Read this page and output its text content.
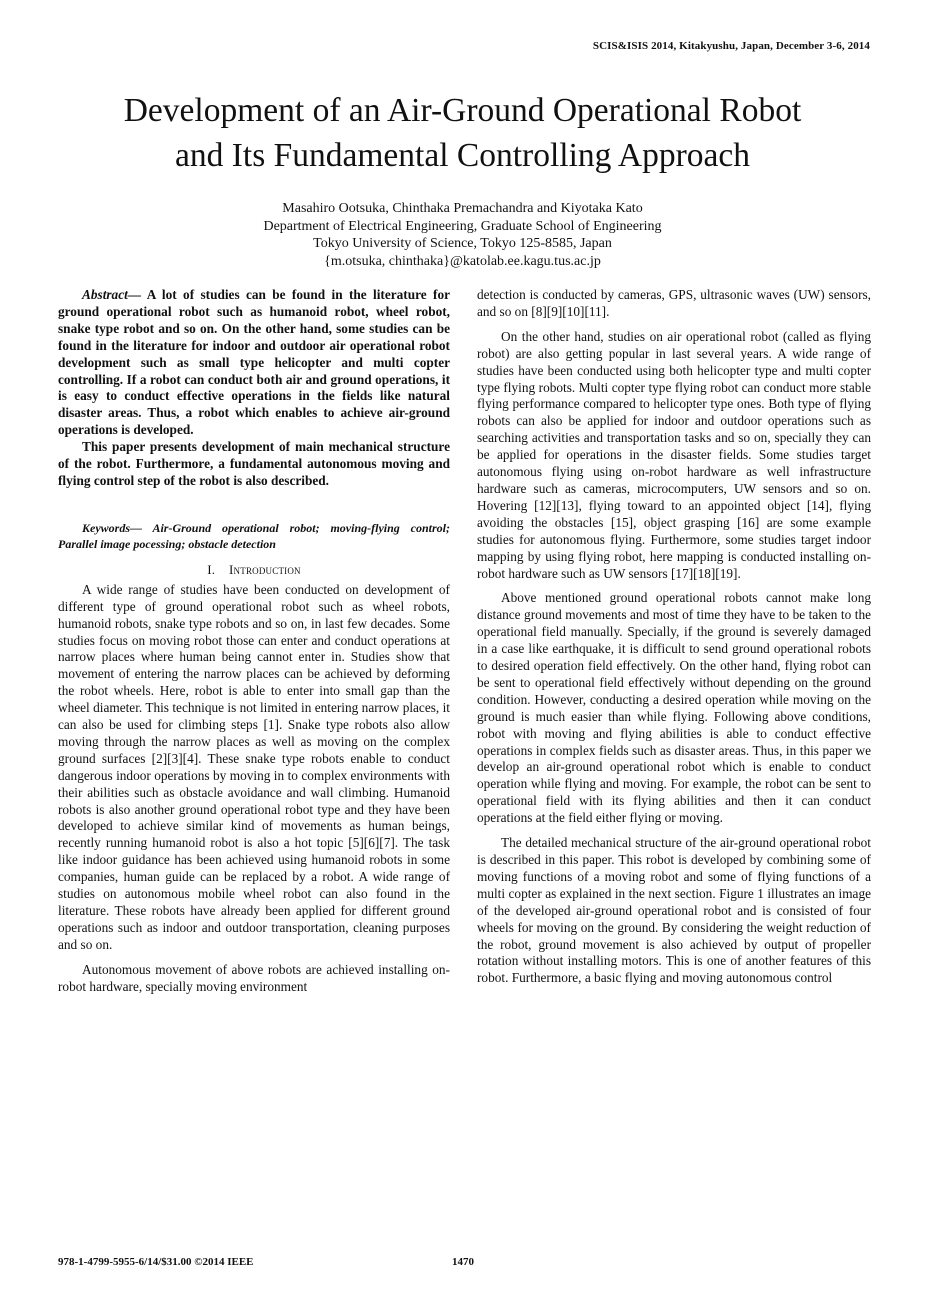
SCIS&ISIS 2014, Kitakyushu, Japan, December 3-6, 2014
Development of an Air-Ground Operational Robot
and Its Fundamental Controlling Approach
Masahiro Ootsuka, Chinthaka Premachandra and Kiyotaka Kato
Department of Electrical Engineering, Graduate School of Engineering
Tokyo University of Science, Tokyo 125-8585, Japan
{m.otsuka, chinthaka}@katolab.ee.kagu.tus.ac.jp

Abstract— A lot of studies can be found in the literature for ground operational robot such as humanoid robot, wheel robot, snake type robot and so on. On the other hand, some studies can be found in the literature for indoor and outdoor air operational robot development such as small type helicopter and multi copter controlling. If a robot can conduct both air and ground operations, it is easy to conduct effective operations in the fields like natural disaster areas. Thus, a robot which enables to achieve air-ground operations is developed.

This paper presents development of main mechanical structure of the robot. Furthermore, a fundamental autonomous moving and flying control step of the robot is also described.

Keywords— Air-Ground operational robot; moving-flying control; Parallel image pocessing; obstacle detection

I. Introduction

A wide range of studies have been conducted on development of different type of ground operational robot such as wheel robots, humanoid robots, snake type robots and so on, in last few decades. Some studies focus on moving robot those can enter and conduct operations at narrow places where human being cannot enter in. Studies show that movement of entering the narrow places can be achieved by deforming the robot wheels. Here, robot is able to enter into small gap than the wheel diameter. This technique is not limited in entering narrow places, it can also be used for climbing steps [1]. Snake type robots also allow moving through the narrow places as well as moving on the complex ground surfaces [2][3][4]. These snake type robots enable to conduct dangerous indoor operations by moving in to complex environments with their abilities such as obstacle avoidance and wall climbing. Humanoid robots is also another ground operational robot type and they have been developed to achieve similar kind of movements as human beings, recently running humanoid robot is also a hot topic [5][6][7]. The task like indoor guidance has been achieved using humanoid robots in some companies, human guide can be replaced by a robot. A wide range of studies on autonomous mobile wheel robot can also found in the literature. These robots have already been applied for different ground operations such as indoor and outdoor transportation, cleaning purposes and so on.

Autonomous movement of above robots are achieved installing on-robot hardware, specially moving environment

detection is conducted by cameras, GPS, ultrasonic waves (UW) sensors, and so on [8][9][10][11].

On the other hand, studies on air operational robot (called as flying robot) are also getting popular in last several years. A wide range of studies have been conducted using both helicopter type and multi copter type flying robots. Multi copter type flying robot can conduct more stable flying performance compared to helicopter type ones. Both type of flying robots can also be applied for indoor and outdoor operations such as searching activities and transportation tasks and so on, specially they can be applied for operations in the disaster fields. Some studies target autonomous flying using on-robot hardware as well infrastructure hardware such as cameras, microcomputers, UW sensors and so on. Hovering [12][13], flying toward to an appointed object [14], flying avoiding the obstacles [15], object grasping [16] are some example studies for autonomous flying. Furthermore, some studies target indoor mapping by using flying robot, here mapping is conducted installing on-robot hardware such as UW sensors [17][18][19].

Above mentioned ground operational robots cannot make long distance ground movements and most of time they have to be taken to the operational field manually. Specially, if the ground is severely damaged in a case like earthquake, it is difficult to send ground operational robots to desired operation field effectively. On the other hand, flying robot can be sent to operational field effectively without depending on the ground condition. However, conducting a desired operation while moving on the ground is much easier than while flying. Following above conditions, robot with moving and flying abilities is able to conduct effective operations in complex fields such as disaster areas. Thus, in this paper we develop an air-ground operational robot which is enable to conduct operation while flying and moving. For example, the robot can be sent to operational field with its flying abilities and then it can conduct operations at the field either flying or moving.

The detailed mechanical structure of the air-ground operational robot is described in this paper. This robot is developed by combining some of moving functions of a moving robot and some of flying functions of a multi copter as explained in the next section. Figure 1 illustrates an image of the developed air-ground operational robot and is consisted of four wheels for moving on the ground. By considering the weight reduction of the robot, ground movement is also achieved by output of propeller rotation without installing motors. This is one of another features of this robot. Furthermore, a basic flying and moving autonomous control

978-1-4799-5955-6/14/$31.00 ©2014 IEEE	1470
